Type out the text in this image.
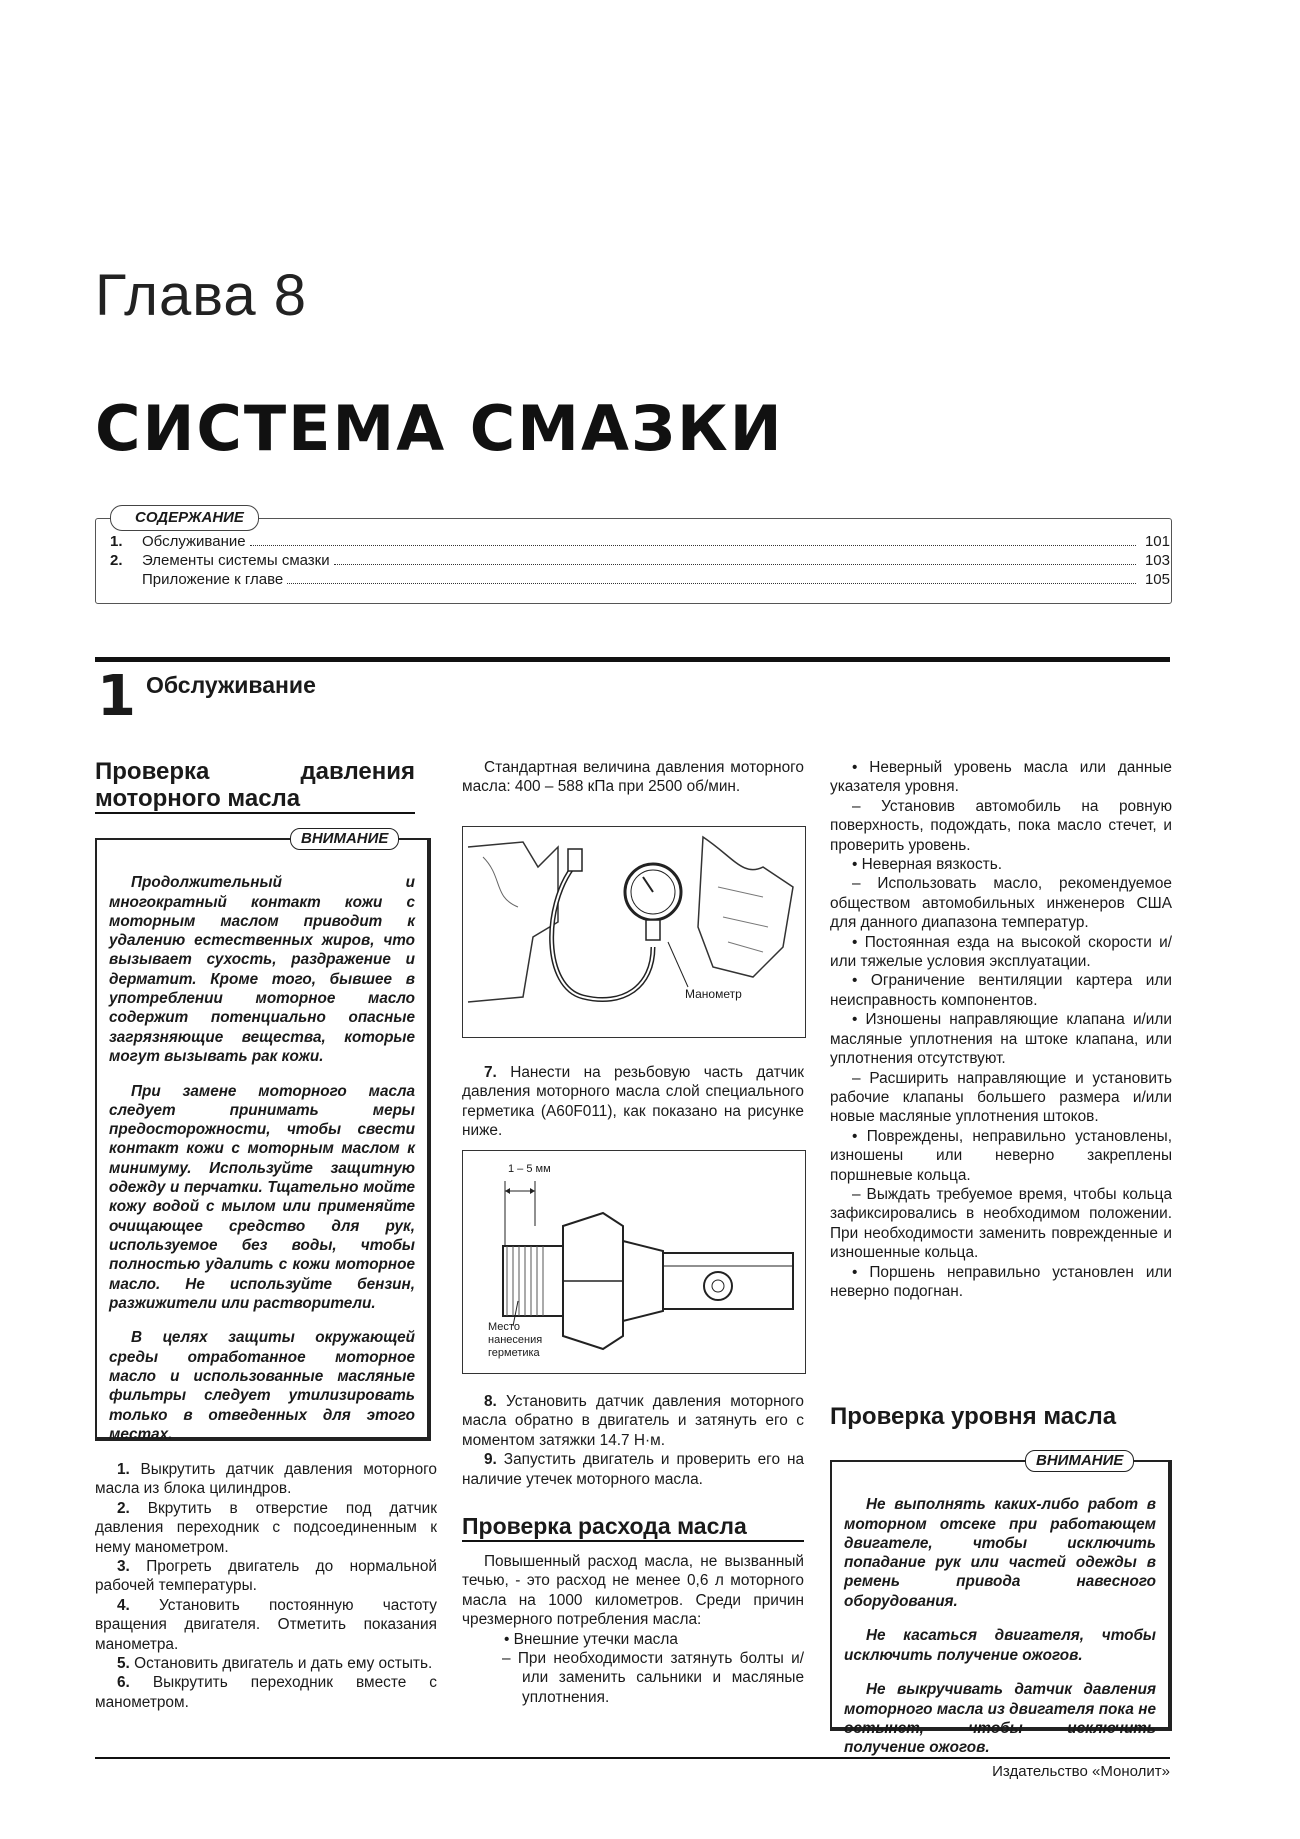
Глава 8
СИСТЕМА СМАЗКИ
1.	Обслуживание	101
2.	Элементы системы смазки	103
Приложение к главе	105
СОДЕРЖАНИЕ
1 Обслуживание

Проверка давления моторного масла

Продолжительный и многократный контакт кожи с моторным маслом приводит к удалению естественных жиров, что вызывает сухость, раздражение и дерматит. Кроме того, бывшее в употреблении моторное масло содержит потенциально опасные загрязняющие вещества, которые могут вызывать рак кожи.

При замене моторного масла следует принимать меры предосторожности, чтобы свести контакт кожи с моторным маслом к минимуму. Используйте защитную одежду и перчатки. Тщательно мойте кожу водой с мылом или применяйте очищающее средство для рук, используемое без воды, чтобы полностью удалить с кожи моторное масло. Не используйте бензин, разжижители или растворители.

В целях защиты окружающей среды отработанное моторное масло и использованные масляные фильтры следует утилизировать только в отведенных для этого местах.

ВНИМАНИЕ

1. Выкрутить датчик давления моторного масла из блока цилиндров.

2. Вкрутить в отверстие под датчик давления переходник с подсоединенным к нему манометром.

3. Прогреть двигатель до нормальной рабочей температуры.

4. Установить постоянную частоту вращения двигателя. Отметить показания манометра.

5. Остановить двигатель и дать ему остыть.

6. Выкрутить переходник вместе с манометром.

Стандартная величина давления моторного масла: 400 – 588 кПа при 2500 об/мин.

Манометр

7. Нанести на резьбовую часть датчик давления моторного масла слой специального герметика (A60F011), как показано на рисунке ниже.

1 – 5 мм
Место
нанесения
герметика

8. Установить датчик давления моторного масла обратно в двигатель и затянуть его с моментом затяжки 14.7 Н·м.

9. Запустить двигатель и проверить его на наличие утечек моторного масла.

Проверка расхода масла

Повышенный расход масла, не вызванный течью, - это расход не менее 0,6 л моторного масла на 1000 километров. Среди причин чрезмерного потребления масла:

• Внешние утечки масла

– При необходимости затянуть болты и/или заменить сальники и масляные уплотнения.

• Неверный уровень масла или данные указателя уровня.

– Установив автомобиль на ровную поверхность, подождать, пока масло стечет, и проверить уровень.

• Неверная вязкость.

– Использовать масло, рекомендуемое обществом автомобильных инженеров США для данного диапазона температур.

• Постоянная езда на высокой скорости и/или тяжелые условия эксплуатации.

• Ограничение вентиляции картера или неисправность компонентов.

• Изношены направляющие клапана и/или масляные уплотнения на штоке клапана, или уплотнения отсутствуют.

– Расширить направляющие и установить рабочие клапаны большего размера и/или новые масляные уплотнения штоков.

• Повреждены, неправильно установлены, изношены или неверно закреплены поршневые кольца.

– Выждать требуемое время, чтобы кольца зафиксировались в необходимом положении. При необходимости заменить поврежденные и изношенные кольца.

• Поршень неправильно установлен или неверно подогнан.

Проверка уровня масла

Не выполнять каких-либо работ в моторном отсеке при работающем двигателе, чтобы исключить попадание рук или частей одежды в ремень привода навесного оборудования.

Не касаться двигателя, чтобы исключить получение ожогов.

Не выкручивать датчик давления моторного масла из двигателя пока не остынет, чтобы исключить получение ожогов.

ВНИМАНИЕ
Издательство «Монолит»
